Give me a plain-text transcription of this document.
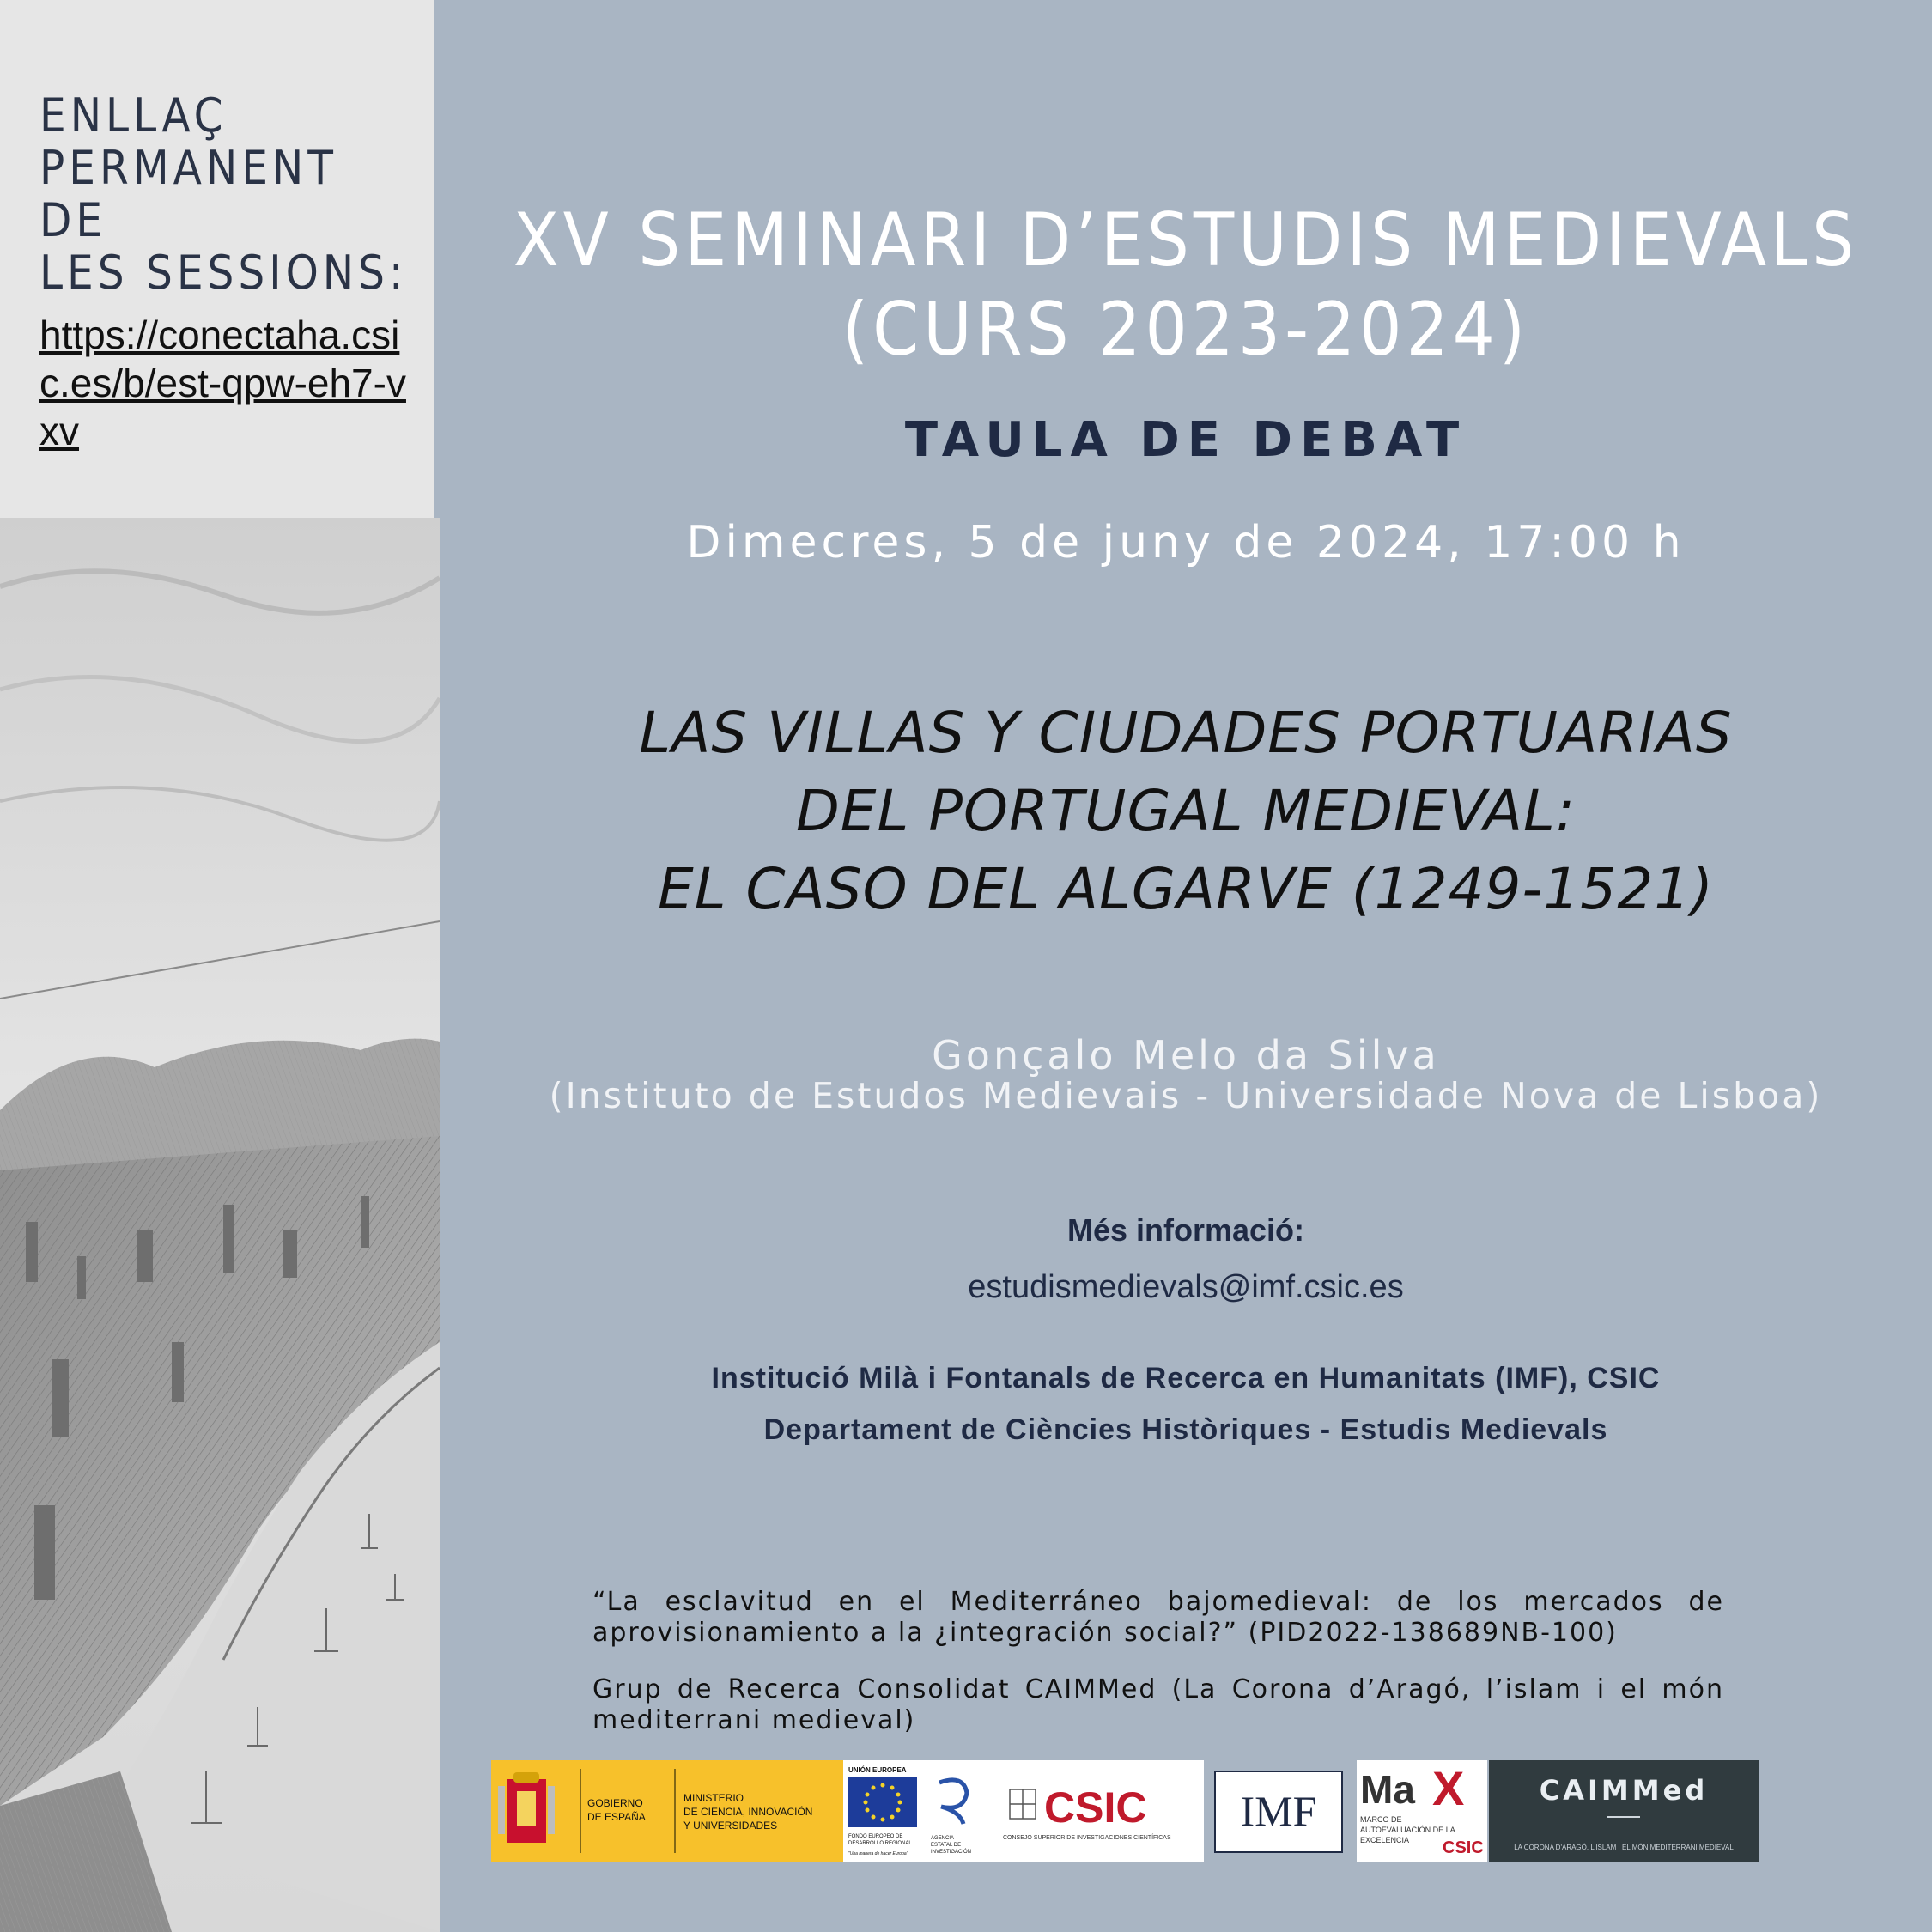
ENLLAÇ
PERMANENT DE
LES SESSIONS:
https://conectaha.csic.es/b/est-qpw-eh7-vxv
XV SEMINARI D’ESTUDIS MEDIEVALS
(CURS 2023-2024)
TAULA DE DEBAT
Dimecres, 5 de juny de 2024, 17:00 h
LAS VILLAS Y CIUDADES PORTUARIAS
DEL PORTUGAL MEDIEVAL:
EL CASO DEL ALGARVE (1249-1521)
Gonçalo Melo da Silva
(Instituto de Estudos Medievais - Universidade Nova de Lisboa)
Més informació:
estudismedievals@imf.csic.es
Institució Milà i Fontanals de Recerca en Humanitats (IMF), CSIC
Departament de Ciències Històriques - Estudis Medievals
“La esclavitud en el Mediterráneo bajomedieval: de los mercados de aprovisionamiento a la ¿integración social?” (PID2022-138689NB-100)
Grup de Recerca Consolidat CAIMMed (La Corona d’Aragó, l’islam i el món mediterrani medieval)
GOBIERNO
DE ESPAÑA
MINISTERIO
DE CIENCIA, INNOVACIÓN
Y UNIVERSIDADES
UNIÓN EUROPEA
FONDO EUROPEO DE
DESARROLLO REGIONAL
"Una manera de hacer Europa"
AGENCIA
ESTATAL DE
INVESTIGACIÓN
CSIC
CONSEJO SUPERIOR DE INVESTIGACIONES CIENTÍFICAS
IMF Ma X
MARCO DE
AUTOEVALUACIÓN DE LA
EXCELENCIA CSIC
CAIMMed
LA CORONA D'ARAGÓ, L'ISLAM I EL MÓN MEDITERRANI MEDIEVAL
